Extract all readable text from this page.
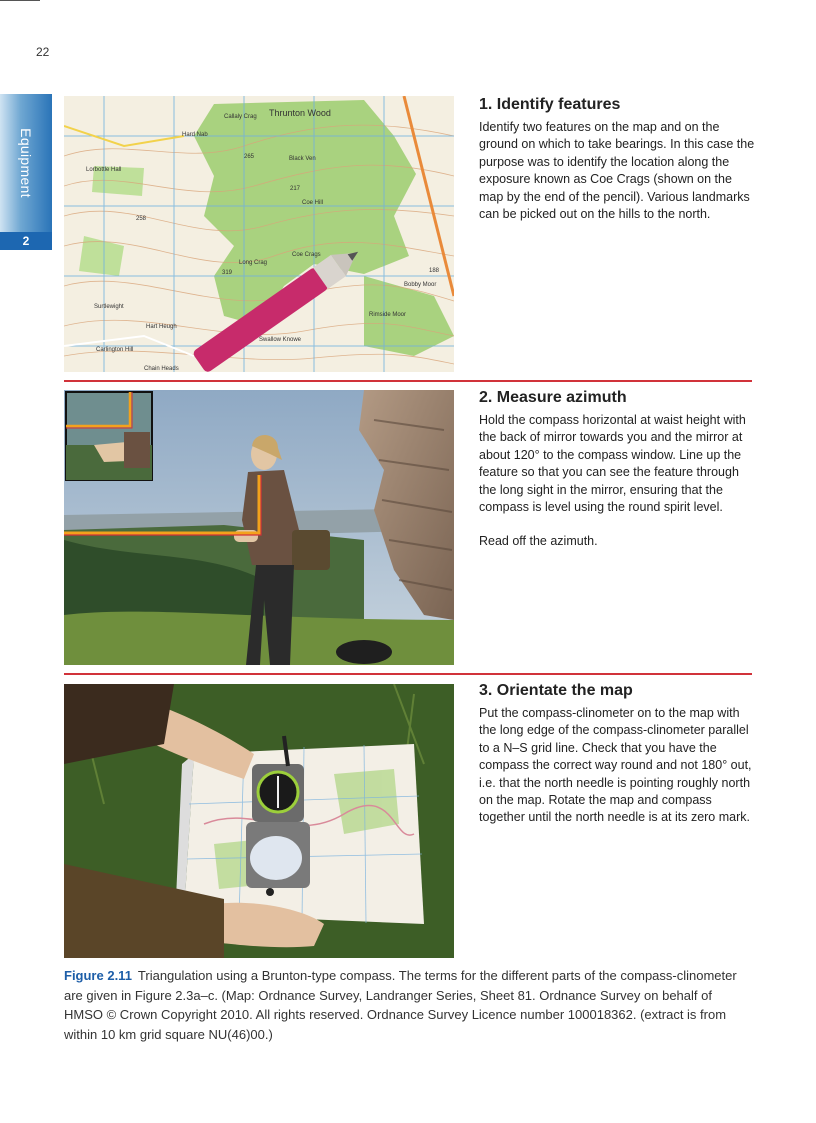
22
Equipment
2
Thrunton Wood
Callaly Crag
Hard Nab
Lorbottle Hall
Long Crag
Coe Crags
Coe Hill
Rimside Moor
Swallow Knowe
Carlington Hill
Chain Heads
Hart Heugh
Surtlewight
Black Ven
Bobby Moor
265
217
319
258
188
1. Identify features

Identify two features on the map and on the ground on which to take bearings. In this case the purpose was to identify the location along the exposure known as Coe Crags (shown on the map by the end of the pencil). Various landmarks can be picked out on the hills to the north.

2. Measure azimuth

Hold the compass horizontal at waist height with the back of mirror towards you and the mirror at about 120° to the compass window. Line up the feature so that you can see the feature through the long sight in the mirror, ensuring that the compass is level using the round spirit level.

Read off the azimuth.

3. Orientate the map

Put the compass-clinometer on to the map with the long edge of the compass-clinometer parallel to a N–S grid line. Check that you have the compass the correct way round and not 180° out, i.e. that the north needle is pointing roughly north on the map. Rotate the map and compass together until the north needle is at its zero mark.

Figure 2.11 Triangulation using a Brunton-type compass. The terms for the different parts of the compass-clinometer are given in Figure 2.3a–c. (Map: Ordnance Survey, Landranger Series, Sheet 81. Ordnance Survey on behalf of HMSO © Crown Copyright 2010. All rights reserved. Ordnance Survey Licence number 100018362. (extract is from within 10 km grid square NU(46)00.)
